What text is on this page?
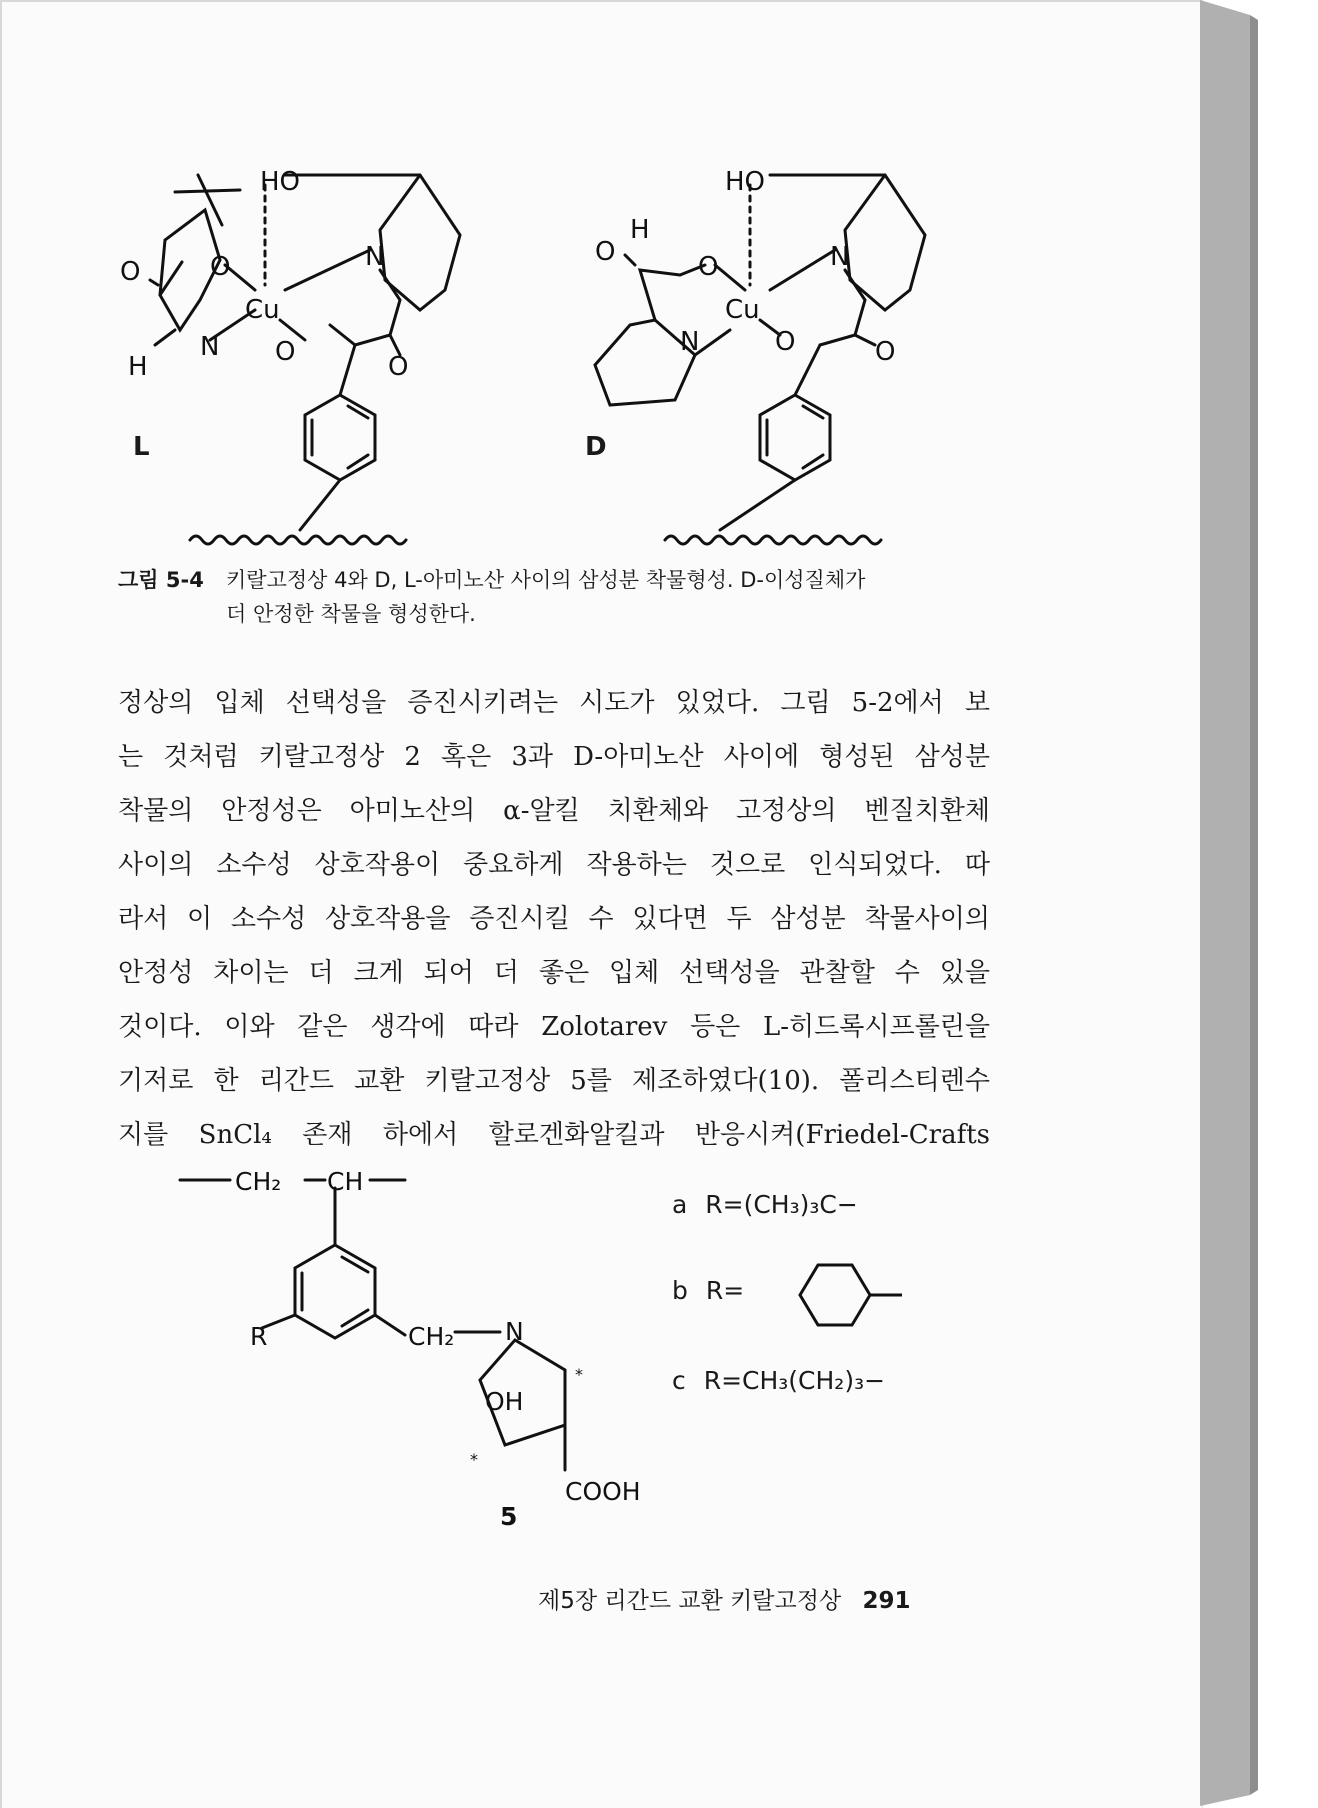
HO
Cu
N
N
O	O
O	O
H
L
HO
Cu
N
N
O	O
O	O
H
D
그림 5-4 키랄고정상 4와 D, L-아미노산 사이의 삼성분 착물형성. D-이성질체가
더 안정한 착물을 형성한다.
정상의 입체 선택성을 증진시키려는 시도가 있었다. 그림 5-2에서 보
는 것처럼 키랄고정상 2 혹은 3과 D-아미노산 사이에 형성된 삼성분
착물의 안정성은 아미노산의 α-알킬 치환체와 고정상의 벤질치환체
사이의 소수성 상호작용이 중요하게 작용하는 것으로 인식되었다. 따
라서 이 소수성 상호작용을 증진시킬 수 있다면 두 삼성분 착물사이의
안정성 차이는 더 크게 되어 더 좋은 입체 선택성을 관찰할 수 있을
것이다. 이와 같은 생각에 따라 Zolotarev 등은 L-히드록시프롤린을
기저로 한 리간드 교환 키랄고정상 5를 제조하였다(10). 폴리스티렌수
지를 SnCl₄ 존재 하에서 할로겐화알킬과 반응시켜(Friedel-Crafts
CH₂ CH
R	CH₂ N
OH
COOH
5
*
*
a R=(CH₃)₃C−
b R=
c R=CH₃(CH₂)₃−
제5장 리간드 교환 키랄고정상 291
